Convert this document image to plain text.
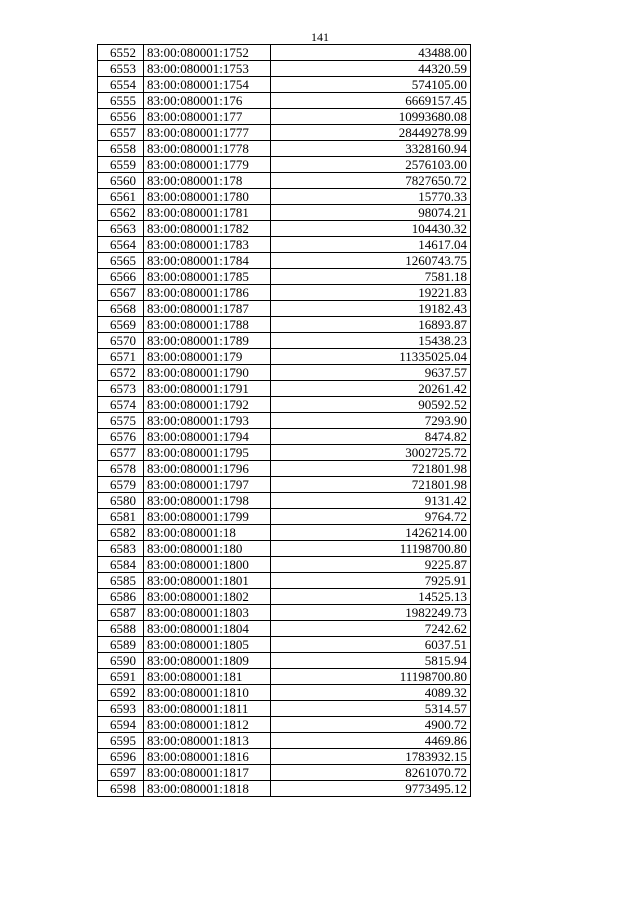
141
6552	83:00:080001:1752	43488.00
6553	83:00:080001:1753	44320.59
6554	83:00:080001:1754	574105.00
6555	83:00:080001:176	6669157.45
6556	83:00:080001:177	10993680.08
6557	83:00:080001:1777	28449278.99
6558	83:00:080001:1778	3328160.94
6559	83:00:080001:1779	2576103.00
6560	83:00:080001:178	7827650.72
6561	83:00:080001:1780	15770.33
6562	83:00:080001:1781	98074.21
6563	83:00:080001:1782	104430.32
6564	83:00:080001:1783	14617.04
6565	83:00:080001:1784	1260743.75
6566	83:00:080001:1785	7581.18
6567	83:00:080001:1786	19221.83
6568	83:00:080001:1787	19182.43
6569	83:00:080001:1788	16893.87
6570	83:00:080001:1789	15438.23
6571	83:00:080001:179	11335025.04
6572	83:00:080001:1790	9637.57
6573	83:00:080001:1791	20261.42
6574	83:00:080001:1792	90592.52
6575	83:00:080001:1793	7293.90
6576	83:00:080001:1794	8474.82
6577	83:00:080001:1795	3002725.72
6578	83:00:080001:1796	721801.98
6579	83:00:080001:1797	721801.98
6580	83:00:080001:1798	9131.42
6581	83:00:080001:1799	9764.72
6582	83:00:080001:18	1426214.00
6583	83:00:080001:180	11198700.80
6584	83:00:080001:1800	9225.87
6585	83:00:080001:1801	7925.91
6586	83:00:080001:1802	14525.13
6587	83:00:080001:1803	1982249.73
6588	83:00:080001:1804	7242.62
6589	83:00:080001:1805	6037.51
6590	83:00:080001:1809	5815.94
6591	83:00:080001:181	11198700.80
6592	83:00:080001:1810	4089.32
6593	83:00:080001:1811	5314.57
6594	83:00:080001:1812	4900.72
6595	83:00:080001:1813	4469.86
6596	83:00:080001:1816	1783932.15
6597	83:00:080001:1817	8261070.72
6598	83:00:080001:1818	9773495.12
